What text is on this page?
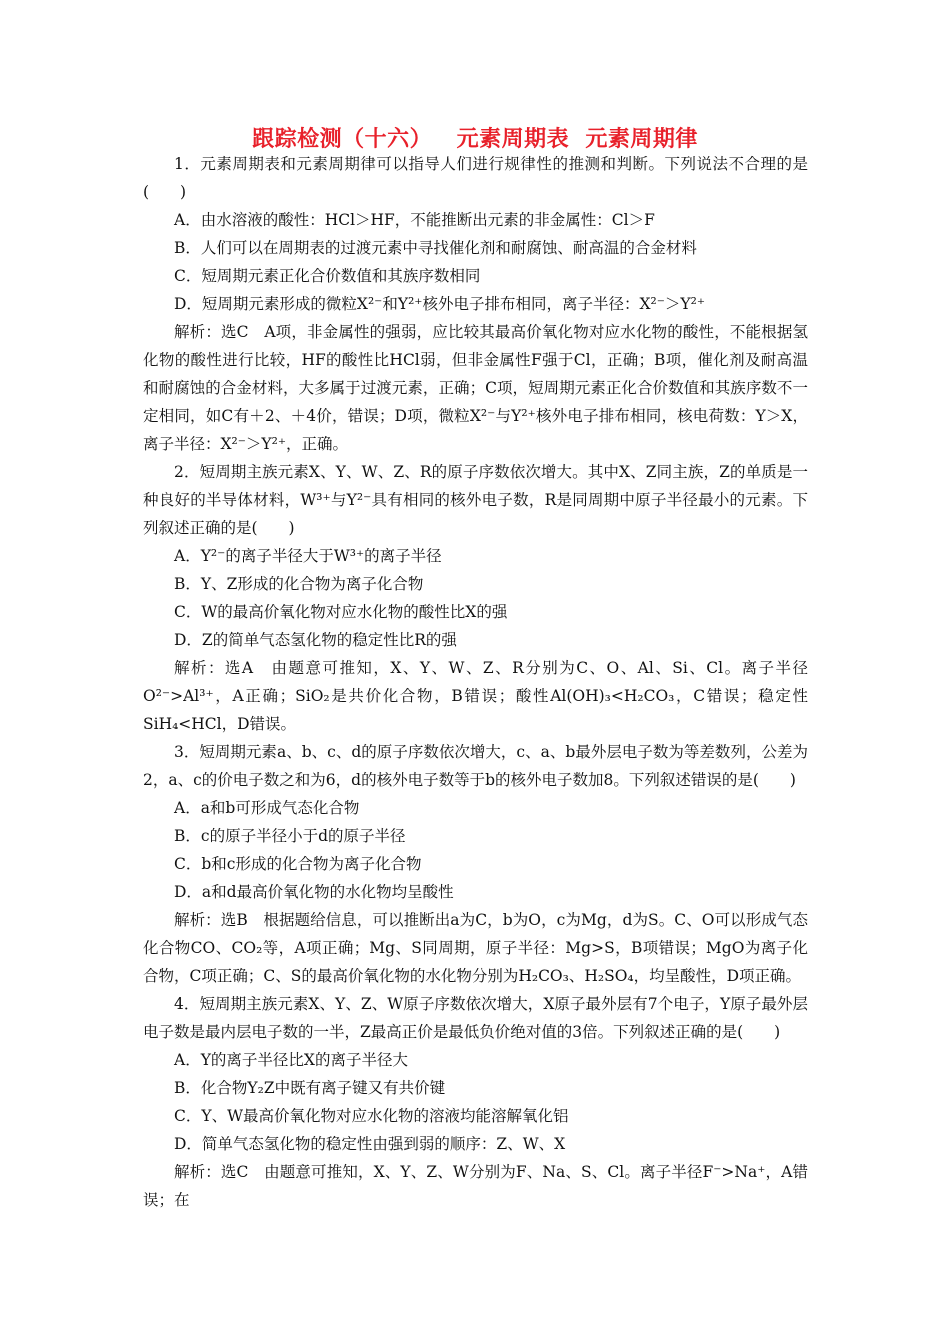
跟踪检测（十六） 元素周期表 元素周期律

1．元素周期表和元素周期律可以指导人们进行规律性的推测和判断。下列说法不合理的是(　　)

A．由水溶液的酸性：HCl＞HF，不能推断出元素的非金属性：Cl＞F

B．人们可以在周期表的过渡元素中寻找催化剂和耐腐蚀、耐高温的合金材料

C．短周期元素正化合价数值和其族序数相同

D．短周期元素形成的微粒X²⁻和Y²⁺核外电子排布相同，离子半径：X²⁻＞Y²⁺

解析：选C　A项，非金属性的强弱，应比较其最高价氧化物对应水化物的酸性，不能根据氢化物的酸性进行比较，HF的酸性比HCl弱，但非金属性F强于Cl，正确；B项，催化剂及耐高温和耐腐蚀的合金材料，大多属于过渡元素，正确；C项，短周期元素正化合价数值和其族序数不一定相同，如C有＋2、＋4价，错误；D项，微粒X²⁻与Y²⁺核外电子排布相同，核电荷数：Y＞X，离子半径：X²⁻＞Y²⁺，正确。

2．短周期主族元素X、Y、W、Z、R的原子序数依次增大。其中X、Z同主族，Z的单质是一种良好的半导体材料，W³⁺与Y²⁻具有相同的核外电子数，R是同周期中原子半径最小的元素。下列叙述正确的是(　　)

A．Y²⁻的离子半径大于W³⁺的离子半径

B．Y、Z形成的化合物为离子化合物

C．W的最高价氧化物对应水化物的酸性比X的强

D．Z的简单气态氢化物的稳定性比R的强

解析：选A　由题意可推知，X、Y、W、Z、R分别为C、O、Al、Si、Cl。离子半径O²⁻>Al³⁺，A正确；SiO₂是共价化合物，B错误；酸性Al(OH)₃<H₂CO₃，C错误；稳定性SiH₄<HCl，D错误。

3．短周期元素a、b、c、d的原子序数依次增大，c、a、b最外层电子数为等差数列，公差为2，a、c的价电子数之和为6，d的核外电子数等于b的核外电子数加8。下列叙述错误的是(　　)

A．a和b可形成气态化合物

B．c的原子半径小于d的原子半径

C．b和c形成的化合物为离子化合物

D．a和d最高价氧化物的水化物均呈酸性

解析：选B　根据题给信息，可以推断出a为C，b为O，c为Mg，d为S。C、O可以形成气态化合物CO、CO₂等，A项正确；Mg、S同周期，原子半径：Mg>S，B项错误；MgO为离子化合物，C项正确；C、S的最高价氧化物的水化物分别为H₂CO₃、H₂SO₄，均呈酸性，D项正确。

4．短周期主族元素X、Y、Z、W原子序数依次增大，X原子最外层有7个电子，Y原子最外层电子数是最内层电子数的一半，Z最高正价是最低负价绝对值的3倍。下列叙述正确的是(　　)

A．Y的离子半径比X的离子半径大

B．化合物Y₂Z中既有离子键又有共价键

C．Y、W最高价氧化物对应水化物的溶液均能溶解氧化铝

D．简单气态氢化物的稳定性由强到弱的顺序：Z、W、X

解析：选C　由题意可推知，X、Y、Z、W分别为F、Na、S、Cl。离子半径F⁻>Na⁺，A错误；在
